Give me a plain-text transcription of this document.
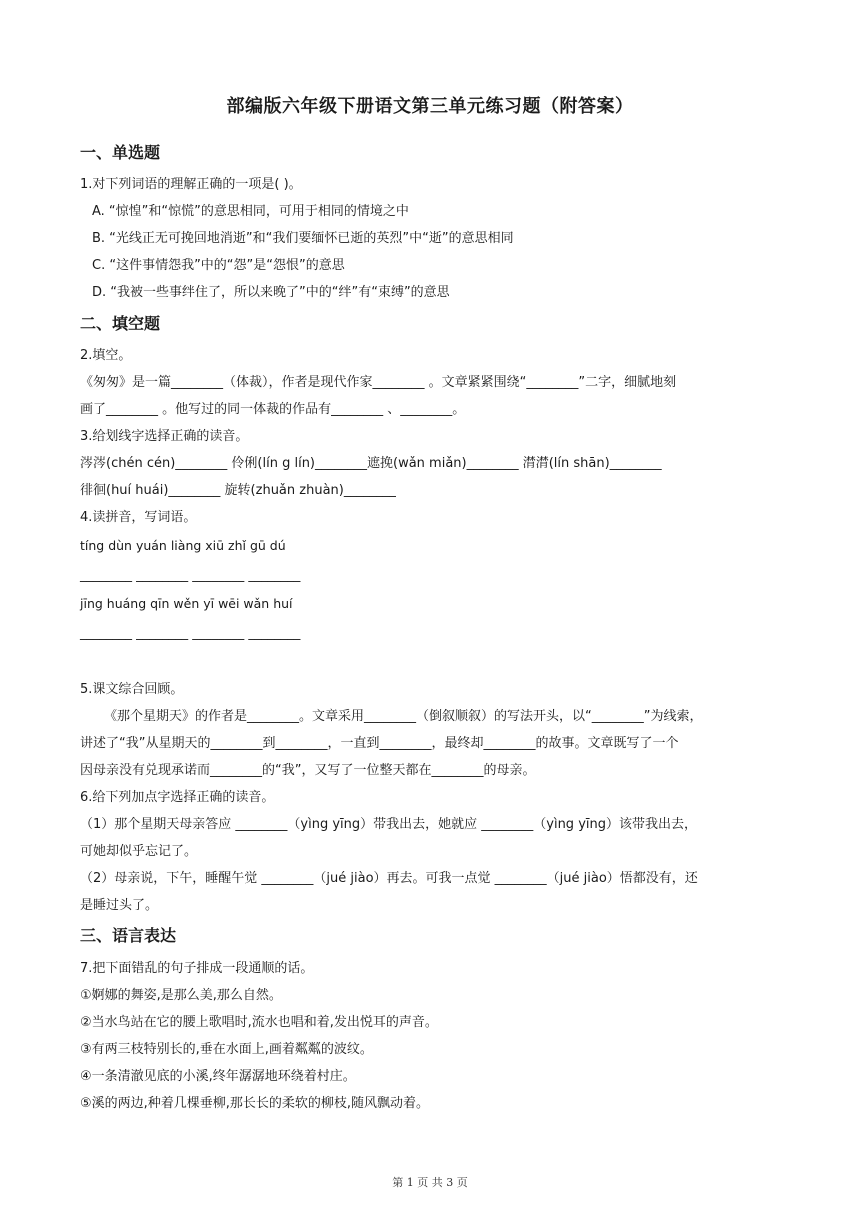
部编版六年级下册语文第三单元练习题（附答案）
一、单选题
1.对下列词语的理解正确的一项是( )。
A. “惊惶”和“惊慌”的意思相同，可用于相同的情境之中
B. “光线正无可挽回地消逝”和“我们要缅怀已逝的英烈”中“逝”的意思相同
C. “这件事情怨我”中的“怨”是“怨恨”的意思
D. “我被一些事绊住了，所以来晚了”中的“绊”有“束缚”的意思
二、填空题
2.填空。
《匆匆》是一篇________（体裁），作者是现代作家________ 。文章紧紧围绕“________”二字，细腻地刻
画了________ 。他写过的同一体裁的作品有________ 、________。
3.给划线字选择正确的读音。
涔涔(chén cén)________ 伶俐(lín g lín)________遮挽(wǎn miǎn)________ 潸潸(lín shān)________
徘徊(huí huái)________ 旋转(zhuǎn zhuàn)________
4.读拼音，写词语。
tíng dùn yuán liàng xiū zhǐ gū dú
________ ________ ________ ________
jīng huáng qīn wěn yī wēi wǎn huí
________ ________ ________ ________
5.课文综合回顾。
《那个星期天》的作者是________。文章采用________（倒叙顺叙）的写法开头，以“________”为线索，
讲述了“我”从星期天的________到________，一直到________，最终却________的故事。文章既写了一个
因母亲没有兑现承诺而________的“我”，又写了一位整天都在________的母亲。
6.给下列加点字选择正确的读音。
（1）那个星期天母亲答应 ________（yìng yīng）带我出去，她就应 ________（yìng yīng）该带我出去，
可她却似乎忘记了。
（2）母亲说，下午，睡醒午觉 ________（jué jiào）再去。可我一点觉 ________（jué jiào）悟都没有，还
是睡过头了。
三、语言表达
7.把下面错乱的句子排成一段通顺的话。
①婀娜的舞姿,是那么美,那么自然。
②当水鸟站在它的腰上歌唱时,流水也唱和着,发出悦耳的声音。
③有两三枝特别长的,垂在水面上,画着粼粼的波纹。
④一条清澈见底的小溪,终年潺潺地环绕着村庄。
⑤溪的两边,种着几棵垂柳,那长长的柔软的柳枝,随风飘动着。
第 1 页 共 3 页
